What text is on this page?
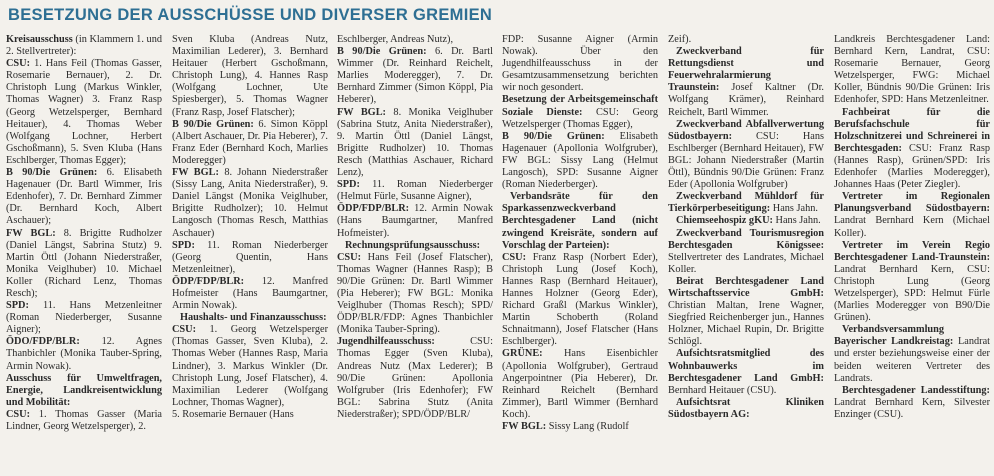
BESETZUNG DER AUSSCHÜSSE UND DIVERSER GREMIEN

Kreisausschuss (in Klammern 1. und 2. Stellvertreter):

CSU: 1. Hans Feil (Thomas Gasser, Rosemarie Bernauer), 2. Dr. Christoph Lung (Markus Winkler, Thomas Wagner) 3. Franz Rasp (Georg Wetzelsperger, Bernhard Heitauer), 4. Thomas Weber (Wolfgang Lochner, Herbert Gschoßmann), 5. Sven Kluba (Hans Eschlberger, Thomas Egger);

B 90/Die Grünen: 6. Elisabeth Hagenauer (Dr. Bartl Wimmer, Iris Edenhofer), 7. Dr. Bernhard Zimmer (Dr. Bernhard Koch, Albert Aschauer);

FW BGL: 8. Brigitte Rudholzer (Daniel Längst, Sabrina Stutz) 9. Martin Öttl (Johann Niederstraßer, Monika Veiglhuber) 10. Michael Koller (Richard Lenz, Thomas Resch);

SPD: 11. Hans Metzenleitner (Roman Niederberger, Susanne Aigner);

ÖDO/FDP/BLR: 12. Agnes Thanbichler (Monika Tauber-Spring, Armin Nowak).

Ausschuss für Umweltfragen, Energie, Landkreisentwicklung und Mobilität:

CSU: 1. Thomas Gasser (Maria Lindner, Georg Wetzelsperger), 2.

Sven Kluba (Andreas Nutz, Maximilian Lederer), 3. Bernhard Heitauer (Herbert Gschoßmann, Christoph Lung), 4. Hannes Rasp (Wolfgang Lochner, Ute Spiesberger), 5. Thomas Wagner (Franz Rasp, Josef Flatscher);

B 90/Die Grünen: 6. Simon Köppl (Albert Aschauer, Dr. Pia Heberer), 7. Franz Eder (Bernhard Koch, Marlies Moderegger)

FW BGL: 8. Johann Niederstraßer (Sissy Lang, Anita Niederstraßer), 9. Daniel Längst (Monika Veiglhuber, Brigitte Rudholzer); 10. Helmut Langosch (Thomas Resch, Matthias Aschauer)

SPD: 11. Roman Niederberger (Georg Quentin, Hans Metzenleitner),

ÖDP/FDP/BLR: 12. Manfred Hofmeister (Hans Baumgartner, Armin Nowak).

Haushalts- und Finanzausschuss:

CSU: 1. Georg Wetzelsperger (Thomas Gasser, Sven Kluba), 2. Thomas Weber (Hannes Rasp, Maria Lindner), 3. Markus Winkler (Dr. Christoph Lung, Josef Flatscher), 4. Maximilian Lederer (Wolfgang Lochner, Thomas Wagner),

5. Rosemarie Bernauer (Hans

Eschlberger, Andreas Nutz),

B 90/Die Grünen: 6. Dr. Bartl Wimmer (Dr. Reinhard Reichelt, Marlies Moderegger), 7. Dr. Bernhard Zimmer (Simon Köppl, Pia Heberer),

FW BGL: 8. Monika Veiglhuber (Sabrina Stutz, Anita Niederstraßer), 9. Martin Öttl (Daniel Längst, Brigitte Rudholzer) 10. Thomas Resch (Matthias Aschauer, Richard Lenz),

SPD: 11. Roman Niederberger (Helmut Fürle, Susanne Aigner),

ÖDP/FDP/BLR: 12. Armin Nowak (Hans Baumgartner, Manfred Hofmeister).

Rechnungsprüfungsausschuss:

CSU: Hans Feil (Josef Flatscher), Thomas Wagner (Hannes Rasp); B 90/Die Grünen: Dr. Bartl Wimmer (Pia Heberer); FW BGL: Monika Veiglhuber (Thomas Resch); SPD/ÖDP/BLR/FDP: Agnes Thanbichler (Monika Tauber-Spring).

Jugendhilfeausschuss: CSU: Thomas Egger (Sven Kluba), Andreas Nutz (Max Lederer); B 90/Die Grünen: Apollonia Wolfgruber (Iris Edenhofer); FW BGL: Sabrina Stutz (Anita Niederstraßer); SPD/ÖDP/BLR/

FDP: Susanne Aigner (Armin Nowak). Über den Jugendhilfeausschuss in der Gesamtzusammensetzung berichten wir noch gesondert.

Besetzung der Arbeitsgemeinschaft Soziale Dienste: CSU: Georg Wetzelsperger (Thomas Egger),

B 90/Die Grünen: Elisabeth Hagenauer (Apollonia Wolfgruber), FW BGL: Sissy Lang (Helmut Langosch), SPD: Susanne Aigner (Roman Niederberger).

Verbandsräte für den Sparkassenzweckverband Berchtesgadener Land (nicht zwingend Kreisräte, sondern auf Vorschlag der Parteien):

CSU: Franz Rasp (Norbert Eder), Christoph Lung (Josef Koch), Hannes Rasp (Bernhard Heitauer), Hannes Holzner (Georg Eder), Richard Graßl (Markus Winkler), Martin Schoberth (Roland Schnaitmann), Josef Flatscher (Hans Eschlberger).

GRÜNE: Hans Eisenbichler (Apollonia Wolfgruber), Gertraud Angerpointner (Pia Heberer), Dr. Reinhard Reichelt (Bernhard Zimmer), Bartl Wimmer (Bernhard Koch).

FW BGL: Sissy Lang (Rudolf

Zeif).

Zweckverband für Rettungsdienst und Feuerwehralarmierung Traunstein: Josef Kaltner (Dr. Wolfgang Krämer), Reinhard Reichelt, Bartl Wimmer.

Zweckverband Abfallverwertung Südostbayern: CSU: Hans Eschlberger (Bernhard Heitauer), FW BGL: Johann Niederstraßer (Martin Öttl), Bündnis 90/Die Grünen: Franz Eder (Apollonia Wolfgruber)

Zweckverband Mühldorf für Tierkörperbeseitigung: Hans Jahn.

Chiemseehospiz gKU: Hans Jahn.

Zweckverband Tourismusregion Berchtesgaden Königssee: Stellvertreter des Landrates, Michael Koller.

Beirat Berchtesgadener Land Wirtschaftsservice GmbH: Christian Maltan, Irene Wagner, Siegfried Reichenberger jun., Hannes Holzner, Michael Rupin, Dr. Brigitte Schlögl.

Aufsichtsratsmitglied des Wohnbauwerks im Berchtesgadener Land GmbH: Bernhard Heitauer (CSU).

Aufsichtsrat Kliniken Südostbayern AG:

Landkreis Berchtesgadener Land: Bernhard Kern, Landrat, CSU: Rosemarie Bernauer, Georg Wetzelsperger, FWG: Michael Koller, Bündnis 90/Die Grünen: Iris Edenhofer, SPD: Hans Metzenleitner.

Fachbeirat für die Berufsfachschule für Holzschnitzerei und Schreinerei in Berchtesgaden: CSU: Franz Rasp (Hannes Rasp), Grünen/SPD: Iris Edenhofer (Marlies Moderegger), Johannes Haas (Peter Ziegler).

Vertreter im Regionalen Planungsverband Südostbayern: Landrat Bernhard Kern (Michael Koller).

Vertreter im Verein Regio Berchtesgadener Land-Traunstein: Landrat Bernhard Kern, CSU: Christoph Lung (Georg Wetzelsperger), SPD: Helmut Fürle (Marlies Moderegger von B90/Die Grünen).

Verbandsversammlung Bayerischer Landkreistag: Landrat und erster beziehungsweise einer der beiden weiteren Vertreter des Landrats.

Berchtesgadener Landesstiftung: Landrat Bernhard Kern, Silvester Enzinger (CSU).
